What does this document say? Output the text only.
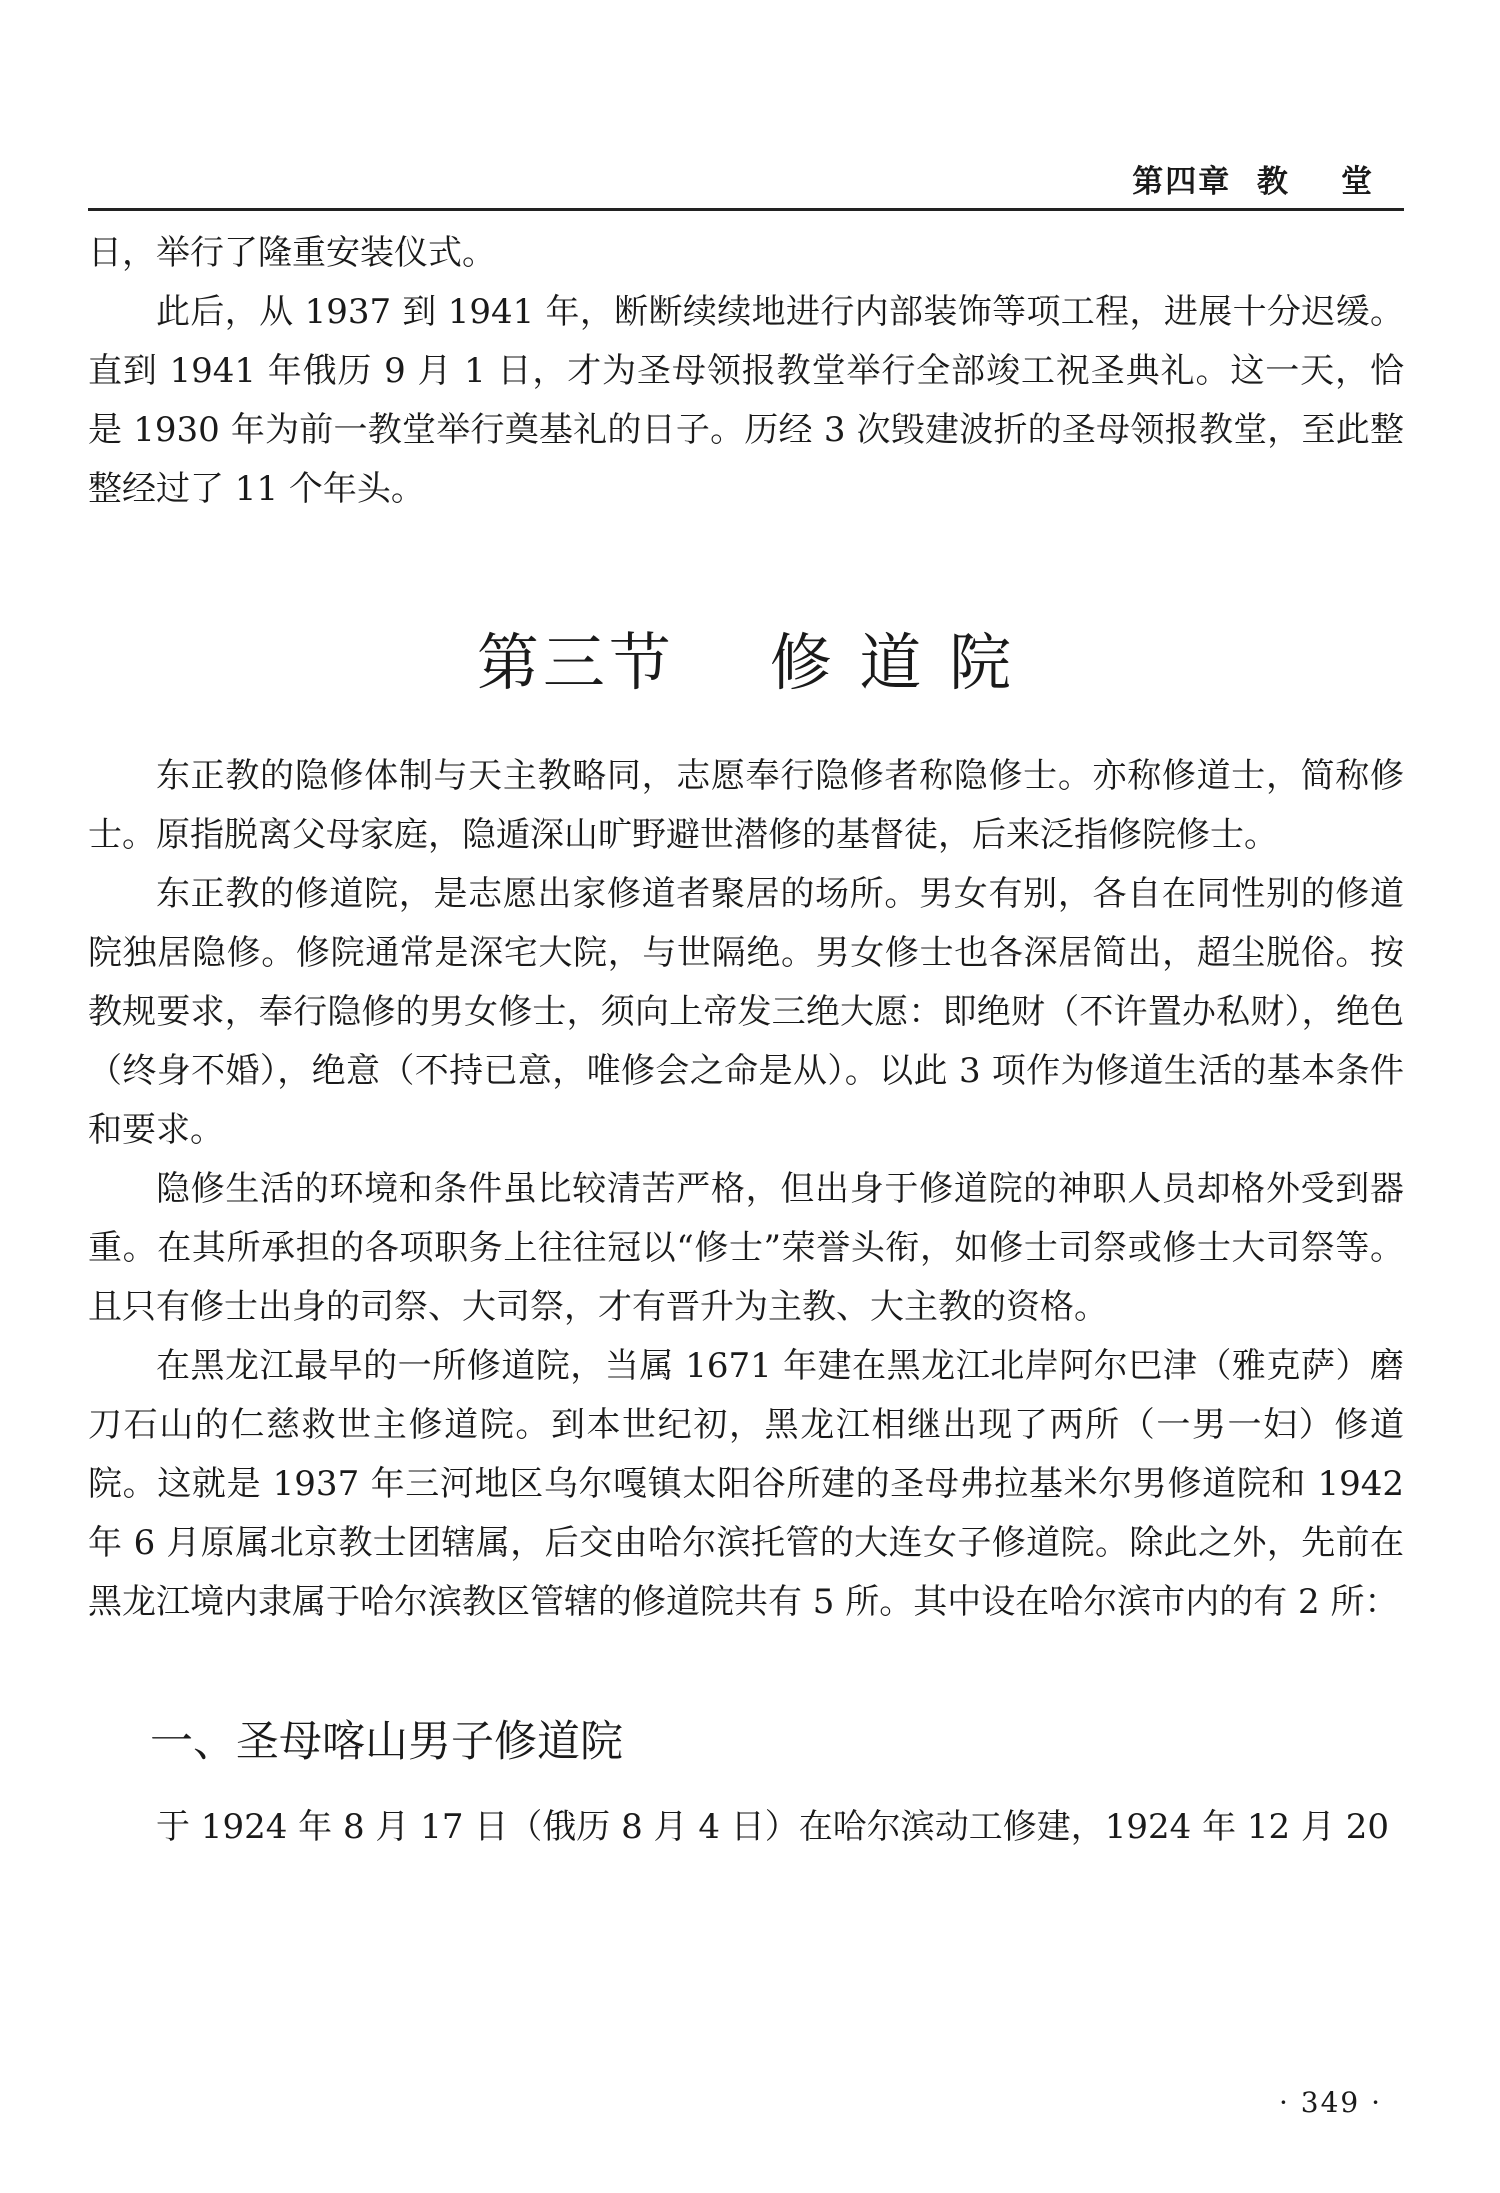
第四章  教    堂

日，举行了隆重安装仪式。

此后，从 1937 到 1941 年，断断续续地进行内部装饰等项工程，进展十分迟缓。直到 1941 年俄历 9 月 1 日，才为圣母领报教堂举行全部竣工祝圣典礼。这一天，恰是 1930 年为前一教堂举行奠基礼的日子。历经 3 次毁建波折的圣母领报教堂，至此整整经过了 11 个年头。

第三节    修 道 院

东正教的隐修体制与天主教略同，志愿奉行隐修者称隐修士。亦称修道士，简称修士。原指脱离父母家庭，隐遁深山旷野避世潜修的基督徒，后来泛指修院修士。

东正教的修道院，是志愿出家修道者聚居的场所。男女有别，各自在同性别的修道院独居隐修。修院通常是深宅大院，与世隔绝。男女修士也各深居简出，超尘脱俗。按教规要求，奉行隐修的男女修士，须向上帝发三绝大愿：即绝财（不许置办私财），绝色（终身不婚），绝意（不持已意，唯修会之命是从）。以此 3 项作为修道生活的基本条件和要求。

隐修生活的环境和条件虽比较清苦严格，但出身于修道院的神职人员却格外受到器重。在其所承担的各项职务上往往冠以“修士”荣誉头衔，如修士司祭或修士大司祭等。且只有修士出身的司祭、大司祭，才有晋升为主教、大主教的资格。

在黑龙江最早的一所修道院，当属 1671 年建在黑龙江北岸阿尔巴津（雅克萨）磨刀石山的仁慈救世主修道院。到本世纪初，黑龙江相继出现了两所（一男一妇）修道院。这就是 1937 年三河地区乌尔嘎镇太阳谷所建的圣母弗拉基米尔男修道院和 1942 年 6 月原属北京教士团辖属，后交由哈尔滨托管的大连女子修道院。除此之外，先前在黑龙江境内隶属于哈尔滨教区管辖的修道院共有 5 所。其中设在哈尔滨市内的有 2 所：

一、圣母喀山男子修道院

于 1924 年 8 月 17 日（俄历 8 月 4 日）在哈尔滨动工修建，1924 年 12 月 20

· 349 ·
